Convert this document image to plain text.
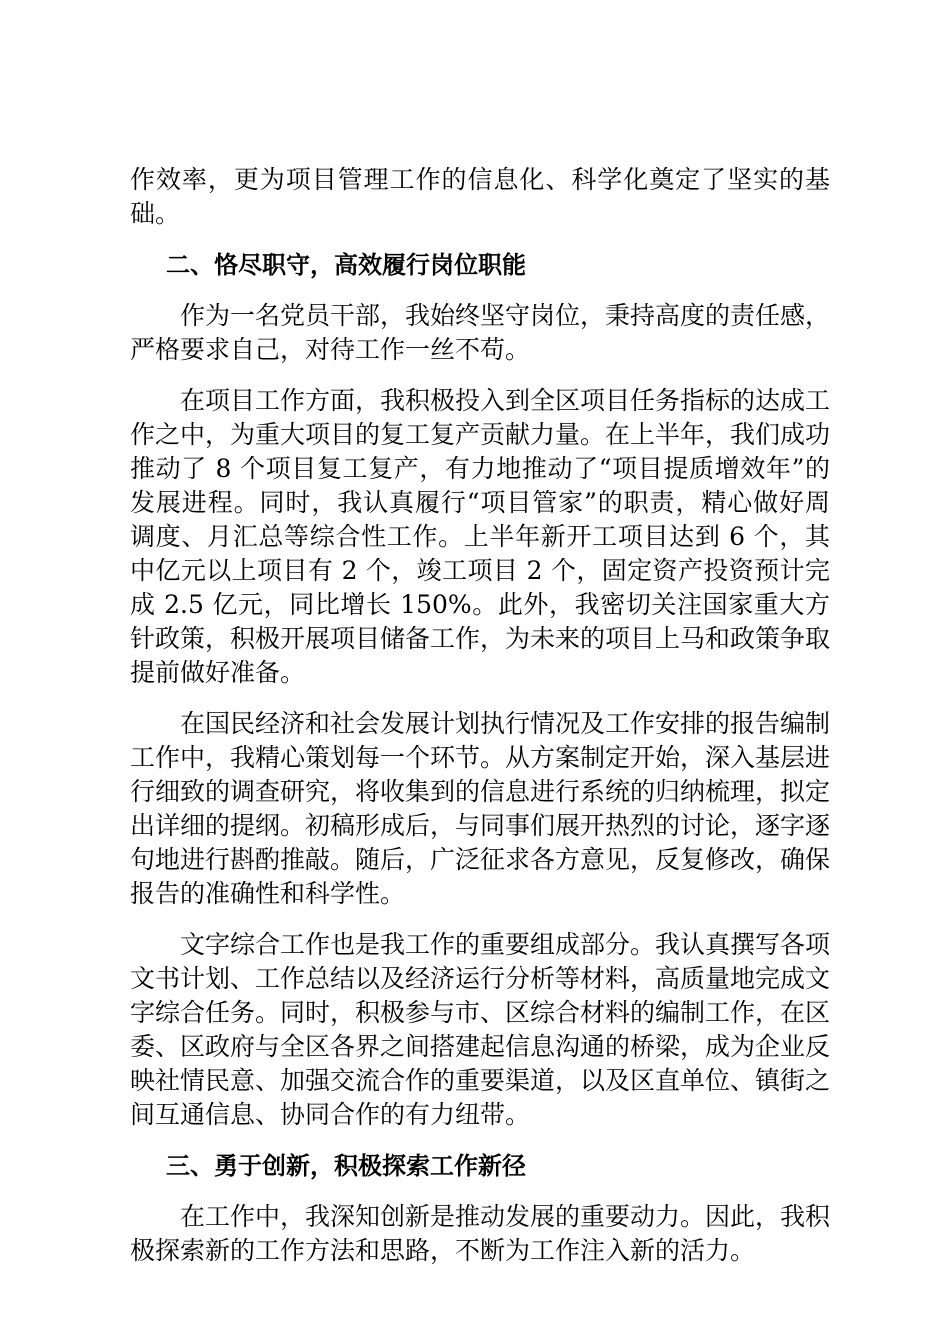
作效率，更为项目管理工作的信息化、科学化奠定了坚实的基础。

二、恪尽职守，高效履行岗位职能

作为一名党员干部，我始终坚守岗位，秉持高度的责任感，严格要求自己，对待工作一丝不苟。

在项目工作方面，我积极投入到全区项目任务指标的达成工作之中，为重大项目的复工复产贡献力量。在上半年，我们成功推动了 8 个项目复工复产，有力地推动了“项目提质增效年”的发展进程。同时，我认真履行“项目管家”的职责，精心做好周调度、月汇总等综合性工作。上半年新开工项目达到 6 个，其中亿元以上项目有 2 个，竣工项目 2 个，固定资产投资预计完成 2.5 亿元，同比增长 150%。此外，我密切关注国家重大方针政策，积极开展项目储备工作，为未来的项目上马和政策争取提前做好准备。

在国民经济和社会发展计划执行情况及工作安排的报告编制工作中，我精心策划每一个环节。从方案制定开始，深入基层进行细致的调查研究，将收集到的信息进行系统的归纳梳理，拟定出详细的提纲。初稿形成后，与同事们展开热烈的讨论，逐字逐句地进行斟酌推敲。随后，广泛征求各方意见，反复修改，确保报告的准确性和科学性。

文字综合工作也是我工作的重要组成部分。我认真撰写各项文书计划、工作总结以及经济运行分析等材料，高质量地完成文字综合任务。同时，积极参与市、区综合材料的编制工作，在区委、区政府与全区各界之间搭建起信息沟通的桥梁，成为企业反映社情民意、加强交流合作的重要渠道，以及区直单位、镇街之间互通信息、协同合作的有力纽带。

三、勇于创新，积极探索工作新径

在工作中，我深知创新是推动发展的重要动力。因此，我积极探索新的工作方法和思路，不断为工作注入新的活力。
